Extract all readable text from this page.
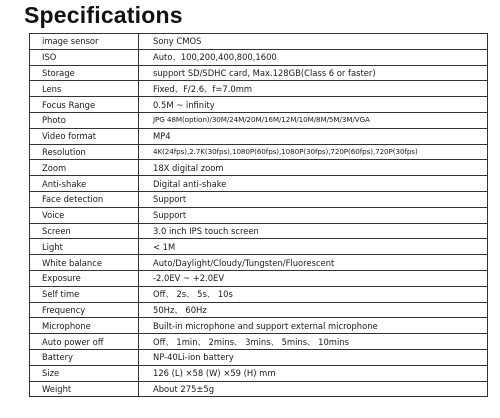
Specifications
image sensor	Sony CMOS
ISO	Auto、100,200,400,800,1600
Storage	support SD/SDHC card, Max.128GB(Class 6 or faster)
Lens	Fixed、F/2.6、f=7.0mm
Focus Range	0.5M ~ infinity
Photo	JPG 48M(option)/30M/24M/20M/16M/12M/10M/8M/5M/3M/VGA
Video format	MP4
Resolution	4K(24fps),2.7K(30fps),1080P(60fps),1080P(30fps),720P(60fps),720P(30fps)
Zoom	18X digital zoom
Anti-shake	Digital anti-shake
Face detection	Support
Voice	Support
Screen	3.0 inch IPS touch screen
Light	< 1M
White balance	Auto/Daylight/Cloudy/Tungsten/Fluorescent
Exposure	-2.0EV ~ +2.0EV
Self time	Off、 2s、 5s、 10s
Frequency	50Hz、 60Hz
Microphone	Built-in microphone and support external microphone
Auto power off	Off、 1min、 2mins、 3mins、 5mins、 10mins
Battery	NP-40Li-ion battery
Size	126 (L) ×58 (W) ×59 (H) mm
Weight	About 275±5g
